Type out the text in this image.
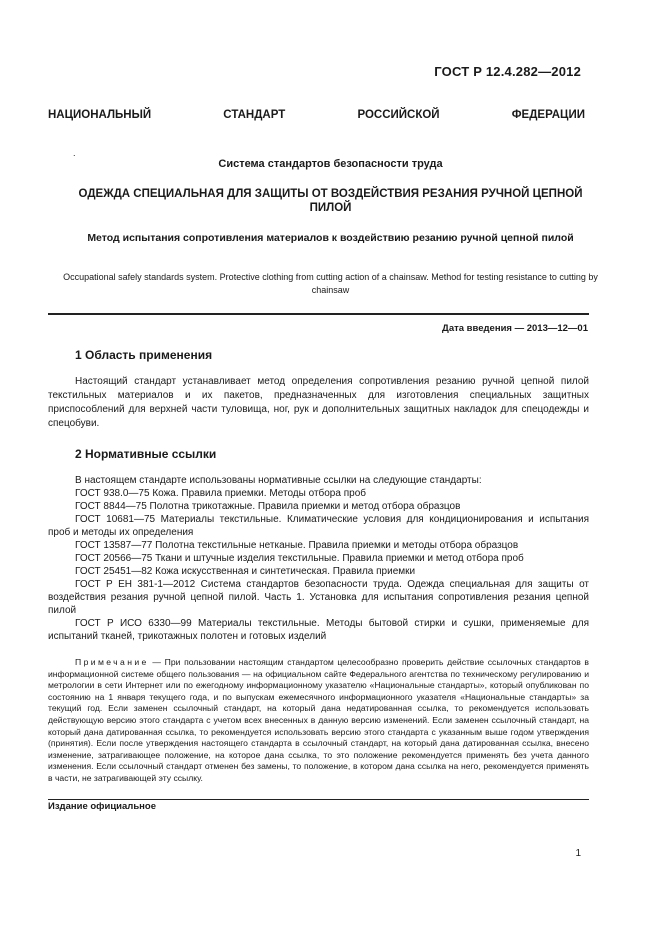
ГОСТ Р 12.4.282—2012
НАЦИОНАЛЬНЫЙ	СТАНДАРТ	РОССИЙСКОЙ	ФЕДЕРАЦИИ
.
Система стандартов безопасности труда
ОДЕЖДА СПЕЦИАЛЬНАЯ ДЛЯ ЗАЩИТЫ ОТ ВОЗДЕЙСТВИЯ РЕЗАНИЯ РУЧНОЙ ЦЕПНОЙ ПИЛОЙ
Метод испытания сопротивления материалов к воздействию резанию ручной цепной пилой
Occupational safely standards system. Protective clothing from cutting action of a chainsaw. Method for testing resistance to cutting by chainsaw
Дата введения — 2013—12—01
1 Область применения
Настоящий стандарт устанавливает метод определения сопротивления резанию ручной цепной пилой текстильных материалов и их пакетов, предназначенных для изготовления специальных защитных приспособлений для верхней части туловища, ног, рук и дополнительных защитных накладок для спецодежды и спецобуви.
2 Нормативные ссылки
В настоящем стандарте использованы нормативные ссылки на следующие стандарты:
ГОСТ 938.0—75 Кожа. Правила приемки. Методы отбора проб
ГОСТ 8844—75 Полотна трикотажные. Правила приемки и метод отбора образцов
ГОСТ 10681—75 Материалы текстильные. Климатические условия для кондиционирования и испытания проб и методы их определения
ГОСТ 13587—77 Полотна текстильные нетканые. Правила приемки и методы отбора образцов
ГОСТ 20566—75 Ткани и штучные изделия текстильные. Правила приемки и метод отбора проб
ГОСТ 25451—82 Кожа искусственная и синтетическая. Правила приемки
ГОСТ Р ЕН 381-1—2012 Система стандартов безопасности труда. Одежда специальная для защиты от воздействия резания ручной цепной пилой. Часть 1. Установка для испытания сопротивления резания цепной пилой
ГОСТ Р ИСО 6330—99 Материалы текстильные. Методы бытовой стирки и сушки, применяемые для испытаний тканей, трикотажных полотен и готовых изделий
Примечание — При пользовании настоящим стандартом целесообразно проверить действие ссылочных стандартов в информационной системе общего пользования — на официальном сайте Федерального агентства по техническому регулированию и метрологии в сети Интернет или по ежегодному информационному указателю «Национальные стандарты», который опубликован по состоянию на 1 января текущего года, и по выпускам ежемесячного информационного указателя «Национальные стандарты» за текущий год. Если заменен ссылочный стандарт, на который дана недатированная ссылка, то рекомендуется использовать действующую версию этого стандарта с учетом всех внесенных в данную версию изменений. Если заменен ссылочный стандарт, на который дана датированная ссылка, то рекомендуется использовать версию этого стандарта с указанным выше годом утверждения (принятия). Если после утверждения настоящего стандарта в ссылочный стандарт, на который дана датированная ссылка, внесено изменение, затрагивающее положение, на которое дана ссылка, то это положение рекомендуется применять без учета данного изменения. Если ссылочный стандарт отменен без замены, то положение, в котором дана ссылка на него, рекомендуется применять в части, не затрагивающей эту ссылку.
Издание официальное
1
